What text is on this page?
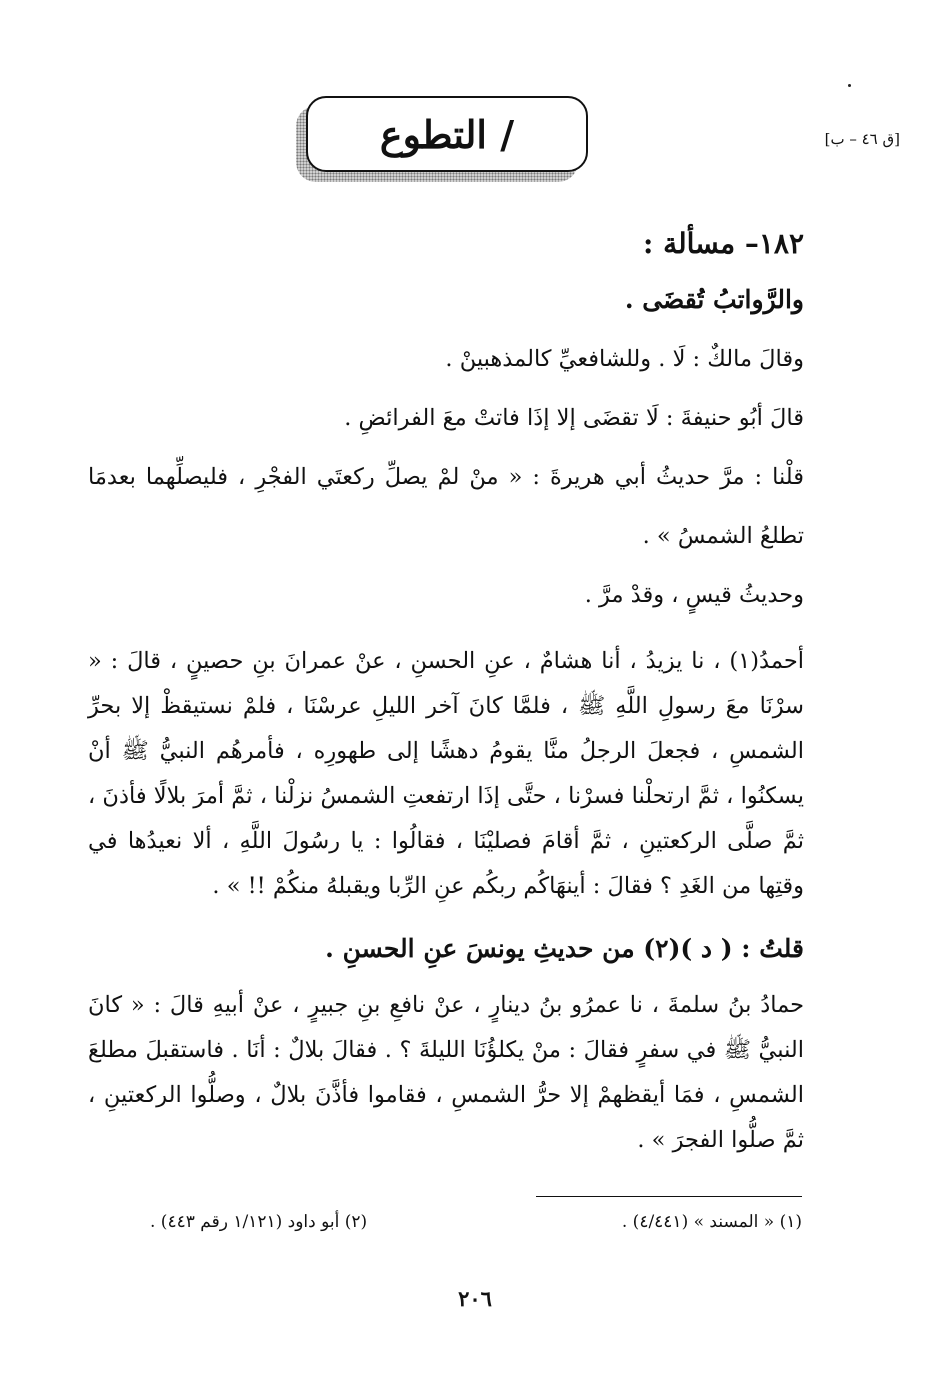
/ التطوع	[ق ٤٦ – ب]

١٨٢– مسألة :

والرَّواتبُ تُقضَى .

وقالَ مالكٌ : لَا . وللشافعيِّ كالمذهبينْ .

قالَ أبُو حنيفةَ : لَا تقضَى إلا إذَا فاتتْ معَ الفرائضِ .

قلْنا : مرَّ حديثُ أبي هريرةَ : « منْ لمْ يصلِّ ركعتَي الفجْرِ ، فليصلِّهما بعدمَا تطلعُ الشمسُ » .

وحديثُ قيسٍ ، وقدْ مرَّ .

أحمدُ(١) ، نا يزيدُ ، أنا هشامٌ ، عنِ الحسنِ ، عنْ عمرانَ بنِ حصينٍ ، قالَ : « سرْنَا معَ رسولِ اللَّهِ ﷺ ، فلمَّا كانَ آخر الليلِ عرسْنَا ، فلمْ نستيقظْ إلا بحرِّ الشمسِ ، فجعلَ الرجلُ منَّا يقومُ دهشًا إلى طهورِه ، فأمرهُم النبيُّ ﷺ أنْ يسكنُوا ، ثمَّ ارتحلْنا فسرْنا ، حتَّى إذَا ارتفعتِ الشمسُ نزلْنا ، ثمَّ أمرَ بلالًا فأذنَ ، ثمَّ صلَّى الركعتينِ ، ثمَّ أقامَ فصليْنَا ، فقالُوا : يا رسُولَ اللَّهِ ، ألا نعيدُها في وقتِها من الغَدِ ؟ فقالَ : أينهَاكُم ربكُم عنِ الرِّبا ويقبلهُ منكُمْ !! » .

قلتُ : ( د )(٢) من حديثِ يونسَ عنِ الحسنِ .

حمادُ بنُ سلمةَ ، نا عمرُو بنُ دينارٍ ، عنْ نافعِ بنِ جبيرٍ ، عنْ أبيهِ قالَ : « كانَ النبيُّ ﷺ في سفرٍ فقالَ : منْ يكلؤُنَا الليلةَ ؟ . فقالَ بلالٌ : أنَا . فاستقبلَ مطلعَ الشمسِ ، فمَا أيقظهمْ إلا حرُّ الشمسِ ، فقاموا فأذَّنَ بلالٌ ، وصلُّوا الركعتينِ ، ثمَّ صلُّوا الفجرَ » .

(١) « المسند » (٤/٤٤١) .
(٢) أبو داود (١/١٢١ رقم ٤٤٣) .
٢٠٦
